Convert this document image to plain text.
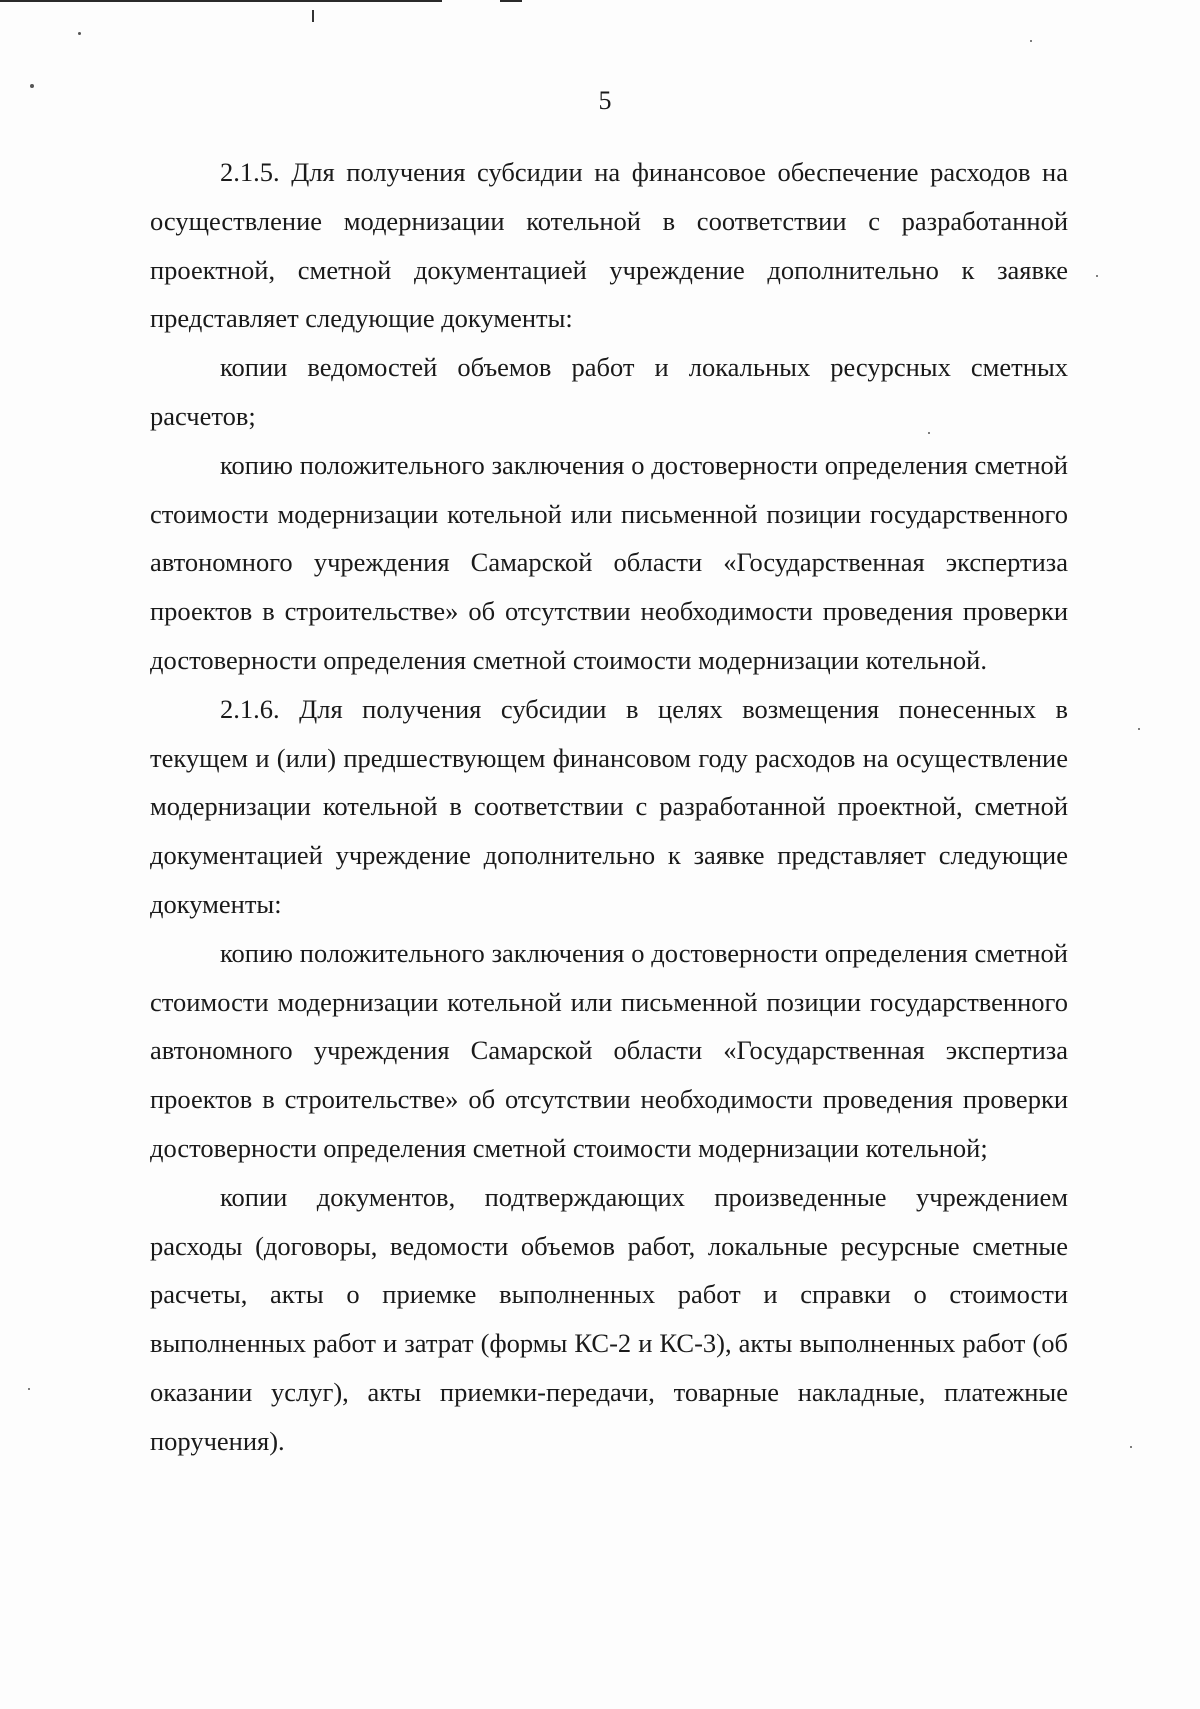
5

2.1.5. Для получения субсидии на финансовое обеспечение расходов на осуществление модернизации котельной в соответствии с разработанной проектной, сметной документацией учреждение дополнительно к заявке представляет следующие документы:

копии ведомостей объемов работ и локальных ресурсных сметных расчетов;

копию положительного заключения о достоверности определения сметной стоимости модернизации котельной или письменной позиции государственного автономного учреждения Самарской области «Государственная экспертиза проектов в строительстве» об отсутствии необходимости проведения проверки достоверности определения сметной стоимости модернизации котельной.

2.1.6. Для получения субсидии в целях возмещения понесенных в текущем и (или) предшествующем финансовом году расходов на осуществление модернизации котельной в соответствии с разработанной проектной, сметной документацией учреждение дополнительно к заявке представляет следующие документы:

копию положительного заключения о достоверности определения сметной стоимости модернизации котельной или письменной позиции государственного автономного учреждения Самарской области «Государственная экспертиза проектов в строительстве» об отсутствии необходимости проведения проверки достоверности определения сметной стоимости модернизации котельной;

копии документов, подтверждающих произведенные учреждением расходы (договоры, ведомости объемов работ, локальные ресурсные сметные расчеты, акты о приемке выполненных работ и справки о стоимости выполненных работ и затрат (формы КС-2 и КС-3), акты выполненных работ (об оказании услуг), акты приемки-передачи, товарные накладные, платежные поручения).
